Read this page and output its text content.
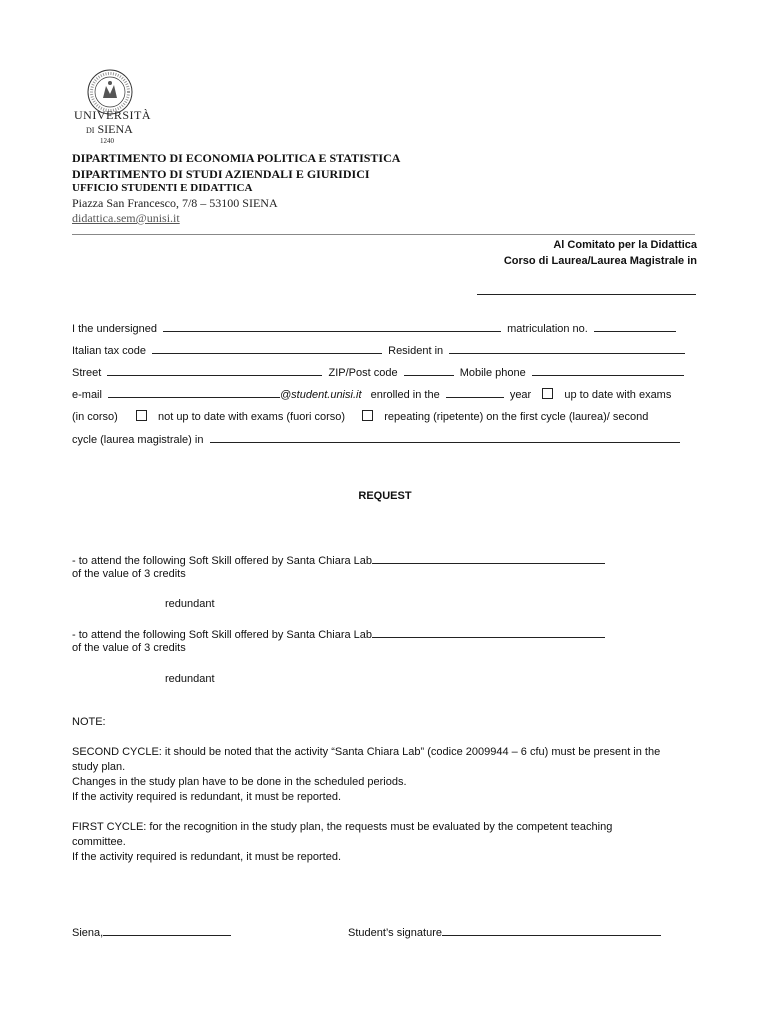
UNIVERSITÀ
DI SIENA
1240
DIPARTIMENTO DI ECONOMIA POLITICA E STATISTICA
DIPARTIMENTO DI STUDI AZIENDALI E GIURIDICI
UFFICIO STUDENTI E DIDATTICA
Piazza San Francesco, 7/8 – 53100 SIENA
didattica.sem@unisi.it
Al Comitato per la Didattica
Corso di Laurea/Laurea Magistrale in
I the undersigned	matriculation no.
Italian tax code	Resident in
Street	ZIP/Post code	Mobile phone
e-mail	@student.unisi.it enrolled in the	year	up to date with exams
(in corso)	not up to date with exams (fuori corso)	repeating (ripetente) on the first cycle (laurea)/ second
cycle (laurea magistrale) in
REQUEST
- to attend the following Soft Skill offered by Santa Chiara Lab
of the value of 3 credits
redundant
- to attend the following Soft Skill offered by Santa Chiara Lab
of the value of 3 credits
redundant
NOTE:
SECOND CYCLE: it should be noted that the activity “Santa Chiara Lab” (codice 2009944 – 6 cfu) must be present in the
study plan.
Changes in the study plan have to be done in the scheduled periods.
If the activity required is redundant, it must be reported.
FIRST CYCLE: for the recognition in the study plan, the requests must be evaluated by the competent teaching
committee.
If the activity required is redundant, it must be reported.
Siena,	Student’s signature
